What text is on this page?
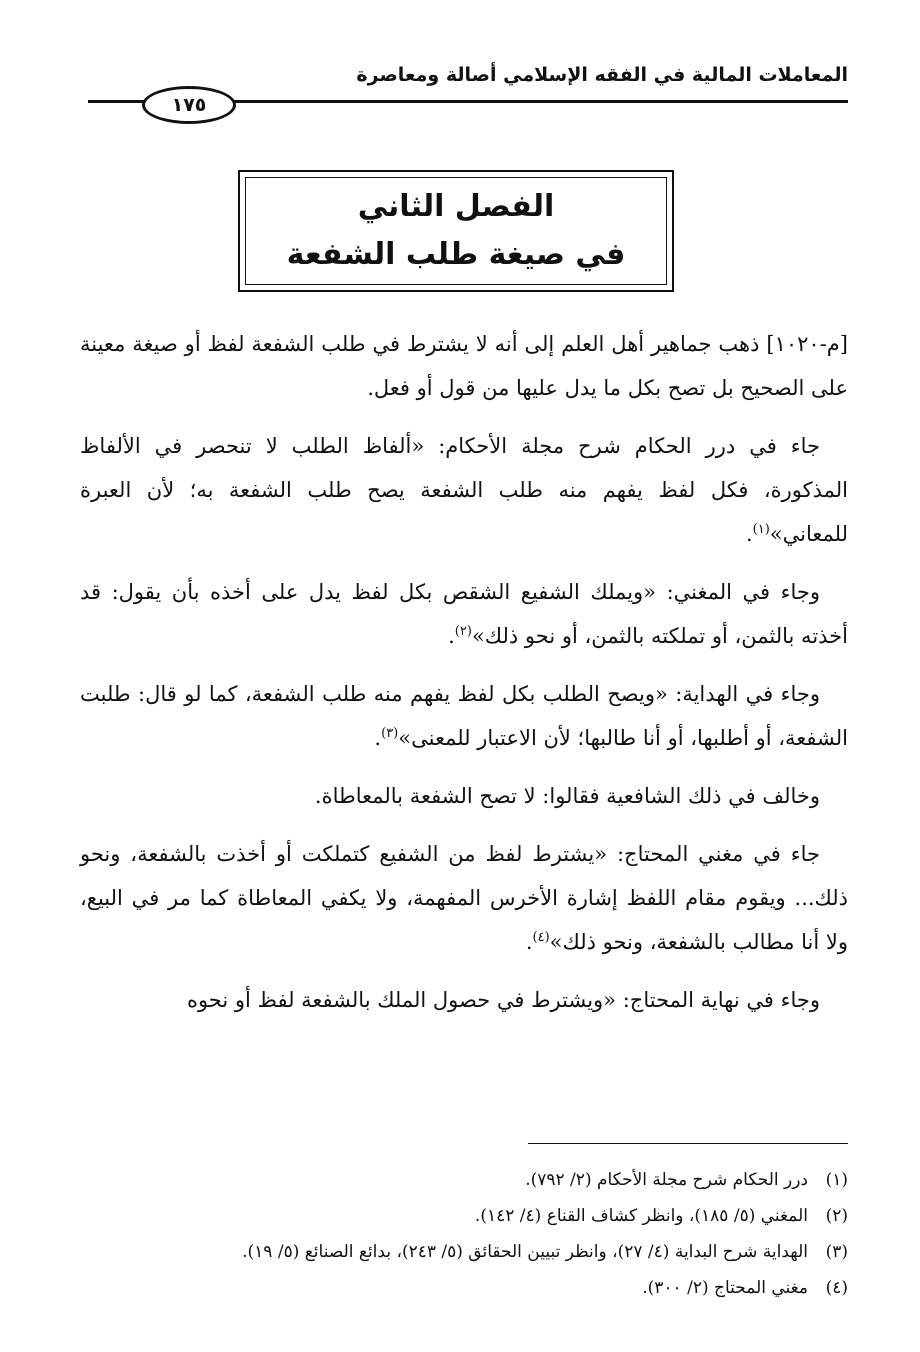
المعاملات المالية في الفقه الإسلامي أصالة ومعاصرة
١٧٥
الفصل الثاني
في صيغة طلب الشفعة

[م-١٠٢٠] ذهب جماهير أهل العلم إلى أنه لا يشترط في طلب الشفعة لفظ أو صيغة معينة على الصحيح بل تصح بكل ما يدل عليها من قول أو فعل.

جاء في درر الحكام شرح مجلة الأحكام: «ألفاظ الطلب لا تنحصر في الألفاظ المذكورة، فكل لفظ يفهم منه طلب الشفعة يصح طلب الشفعة به؛ لأن العبرة للمعاني»$^{(١)}$.

وجاء في المغني: «ويملك الشفيع الشقص بكل لفظ يدل على أخذه بأن يقول: قد أخذته بالثمن، أو تملكته بالثمن، أو نحو ذلك»$^{(٢)}$.

وجاء في الهداية: «ويصح الطلب بكل لفظ يفهم منه طلب الشفعة، كما لو قال: طلبت الشفعة، أو أطلبها، أو أنا طالبها؛ لأن الاعتبار للمعنى»$^{(٣)}$.

وخالف في ذلك الشافعية فقالوا: لا تصح الشفعة بالمعاطاة.

جاء في مغني المحتاج: «يشترط لفظ من الشفيع كتملكت أو أخذت بالشفعة، ونحو ذلك... ويقوم مقام اللفظ إشارة الأخرس المفهمة، ولا يكفي المعاطاة كما مر في البيع، ولا أنا مطالب بالشفعة، ونحو ذلك»$^{(٤)}$.

وجاء في نهاية المحتاج: «ويشترط في حصول الملك بالشفعة لفظ أو نحوه

(١)درر الحكام شرح مجلة الأحكام (٢/ ٧٩٢).
(٢)المغني (٥/ ١٨٥)، وانظر كشاف القناع (٤/ ١٤٢).
(٣)الهداية شرح البداية (٤/ ٢٧)، وانظر تبيين الحقائق (٥/ ٢٤٣)، بدائع الصنائع (٥/ ١٩).
(٤)مغني المحتاج (٢/ ٣٠٠).
